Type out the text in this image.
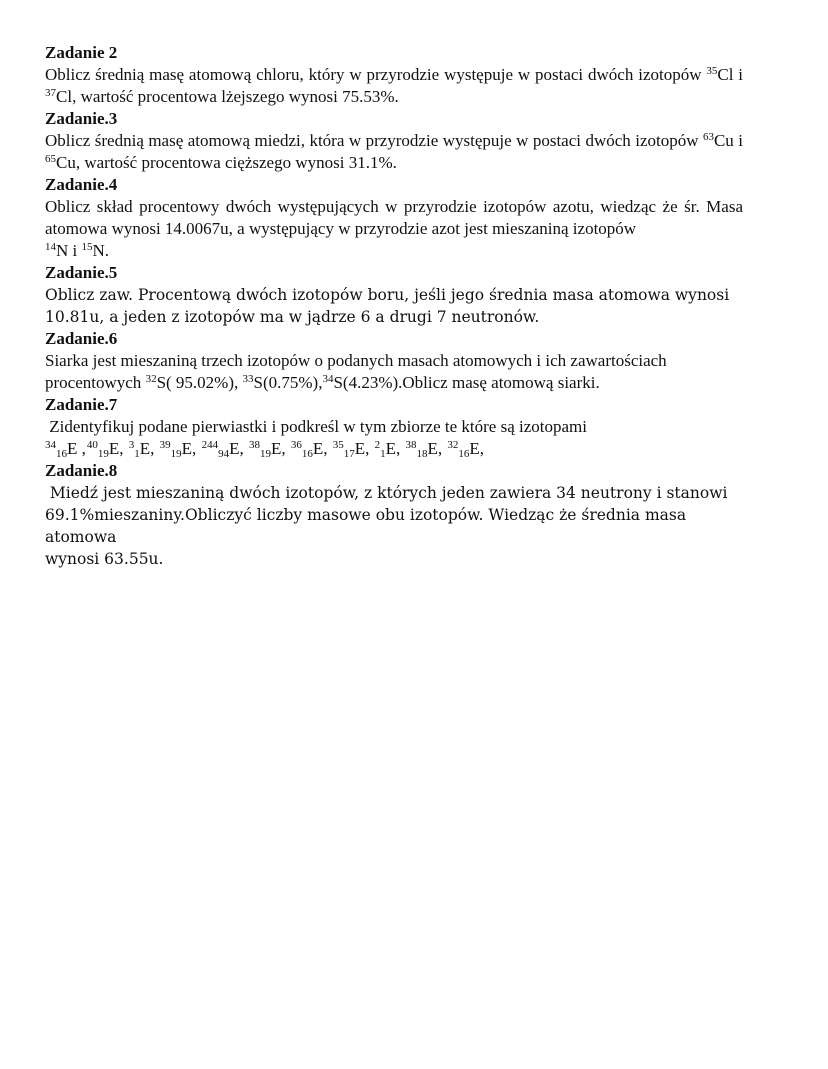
Zadanie 2
Oblicz średnią masę atomową chloru, który w przyrodzie występuje w postaci dwóch izotopów $^{35}$Cl i $^{37}$Cl, wartość procentowa lżejszego wynosi 75.53%.
Zadanie.3
Oblicz średnią masę atomową miedzi, która w przyrodzie występuje w postaci dwóch izotopów $^{63}$Cu i $^{65}$Cu, wartość procentowa cięższego wynosi 31.1%.
Zadanie.4
Oblicz skład procentowy dwóch występujących w przyrodzie izotopów azotu, wiedząc że śr. Masa atomowa wynosi 14.0067u, a występujący w przyrodzie azot jest mieszaniną izotopów
$^{14}$N i $^{15}$N.
Zadanie.5
Oblicz zaw. Procentową dwóch izotopów boru, jeśli jego średnia masa atomowa wynosi
10.81u, a jeden z izotopów ma w jądrze 6 a drugi 7 neutronów.
Zadanie.6
Siarka jest mieszaniną trzech izotopów o podanych masach atomowych i ich zawartościach
procentowych $^{32}$S( 95.02%), $^{33}$S(0.75%),$^{34}$S(4.23%).Oblicz masę atomową siarki.
Zadanie.7
Zidentyfikuj podane pierwiastki i podkreśl w tym zbiorze te które są izotopami
$^{34}_{16}$E ,$^{40}_{19}$E, $^3_1$E, $^{39}_{19}$E, $^{244}_{94}$E, $^{38}_{19}$E, $^{36}_{16}$E, $^{35}_{17}$E, $^2_1$E, $^{38}_{18}$E, $^{32}_{16}$E,
Zadanie.8
Miedź jest mieszaniną dwóch izotopów, z których jeden zawiera 34 neutrony i stanowi
69.1%mieszaniny.Obliczyć liczby masowe obu izotopów. Wiedząc że średnia masa atomowa
wynosi 63.55u.
